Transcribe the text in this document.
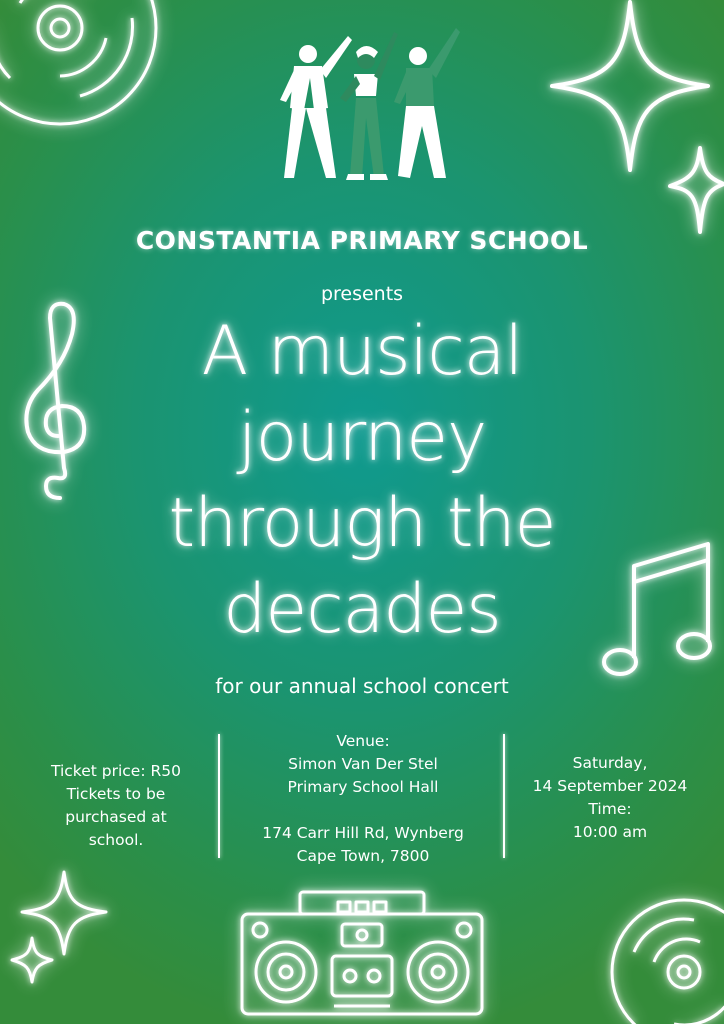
CONSTANTIA PRIMARY SCHOOL
presents
A musical
journey
through the
decades
for our annual school concert
Ticket price: R50
Tickets to be
purchased at
school.
Venue:
Simon Van Der Stel
Primary School Hall
174 Carr Hill Rd, Wynberg
Cape Town, 7800
Saturday,
14 September 2024
Time:
10:00 am
